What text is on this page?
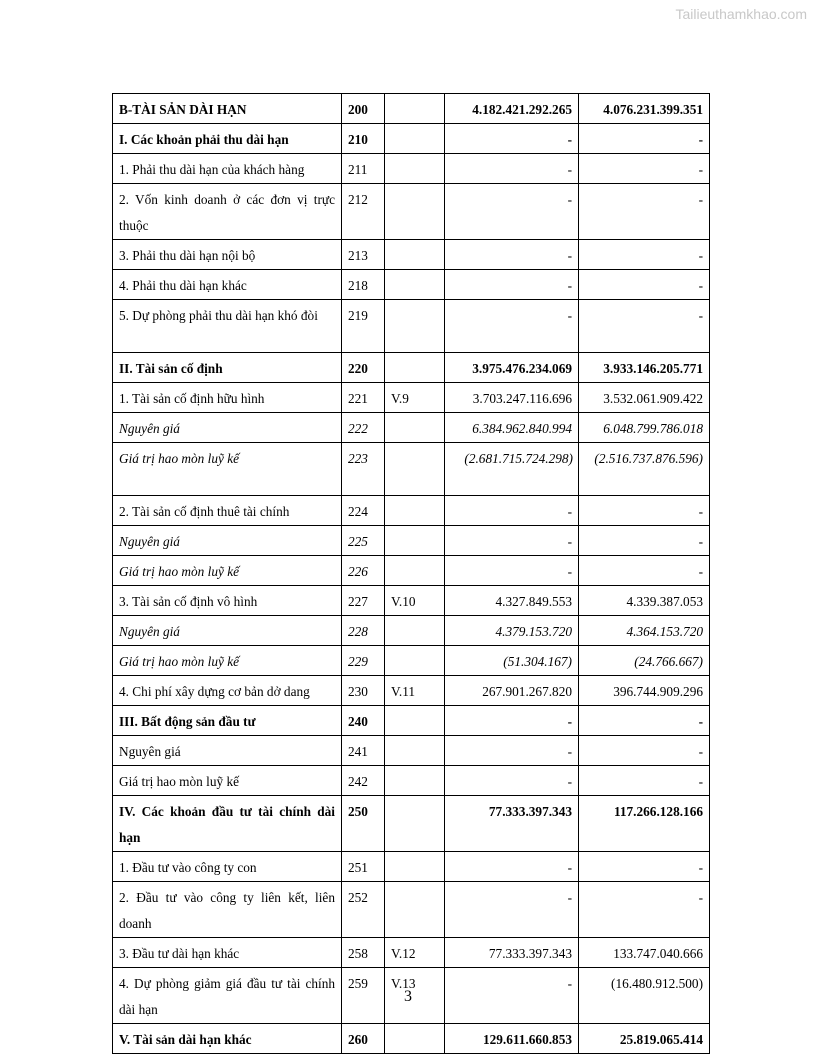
Tailieuthamkhao.com
B-TÀI SẢN DÀI HẠN	200		4.182.421.292.265	4.076.231.399.351
I. Các khoản phải thu dài hạn	210		-	-
1. Phải thu dài hạn của khách hàng	211		-	-
2. Vốn kinh doanh ở các đơn vị trực thuộc	212		-	-
3. Phải thu dài hạn nội bộ	213		-	-
4. Phải thu dài hạn khác	218		-	-
5. Dự phòng phải thu dài hạn khó đòi	219		-	-
II. Tài sản cố định	220		3.975.476.234.069	3.933.146.205.771
1. Tài sản cố định hữu hình	221	V.9	3.703.247.116.696	3.532.061.909.422
Nguyên giá	222		6.384.962.840.994	6.048.799.786.018
Giá trị hao mòn luỹ kế	223		(2.681.715.724.298)	(2.516.737.876.596)
2. Tài sản cố định thuê tài chính	224		-	-
Nguyên giá	225		-	-
Giá trị hao mòn luỹ kế	226		-	-
3. Tài sản cố định vô hình	227	V.10	4.327.849.553	4.339.387.053
Nguyên giá	228		4.379.153.720	4.364.153.720
Giá trị hao mòn luỹ kế	229		(51.304.167)	(24.766.667)
4. Chi phí xây dựng cơ bản dở dang	230	V.11	267.901.267.820	396.744.909.296
III. Bất động sản đầu tư	240		-	-
Nguyên giá	241		-	-
Giá trị hao mòn luỹ kế	242		-	-
IV. Các khoản đầu tư tài chính dài hạn	250		77.333.397.343	117.266.128.166
1. Đầu tư vào công ty con	251		-	-
2. Đầu tư vào công ty liên kết, liên doanh	252		-	-
3. Đầu tư dài hạn khác	258	V.12	77.333.397.343	133.747.040.666
4. Dự phòng giảm giá đầu tư tài chính dài hạn	259	V.13	-	(16.480.912.500)
V. Tài sản dài hạn khác	260		129.611.660.853	25.819.065.414
3
